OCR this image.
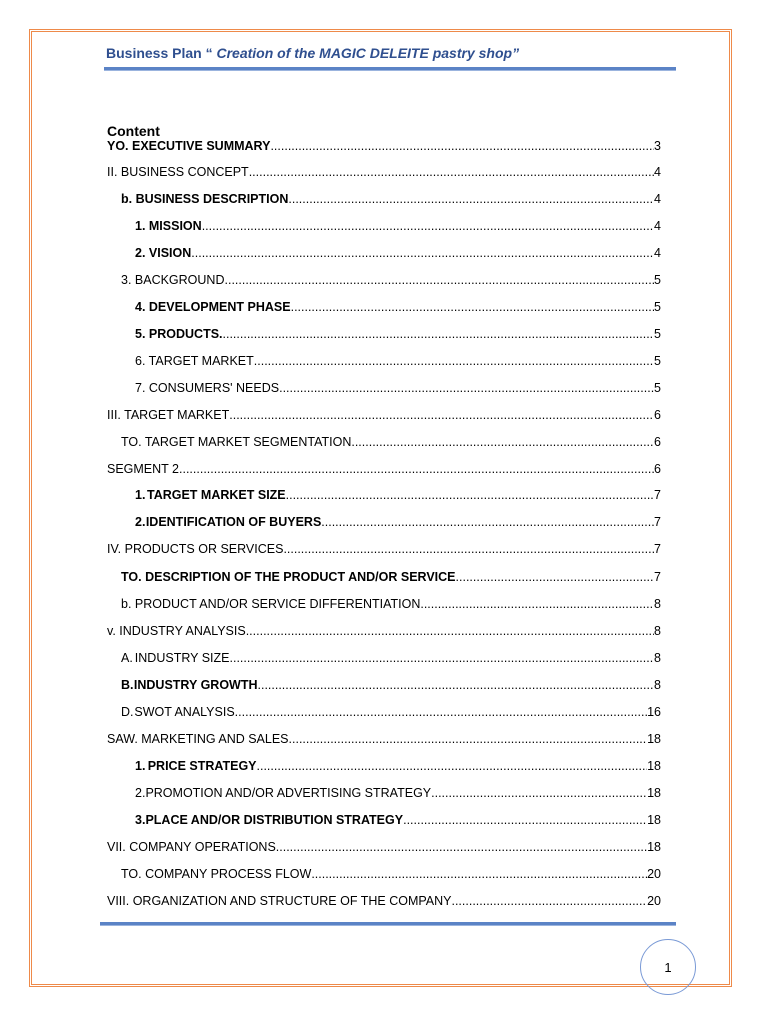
Business Plan “ Creation of the MAGIC DELEITE pastry shop”
Content
YO. EXECUTIVE SUMMARY .....	3
II. BUSINESS CONCEPT .....	4
b. BUSINESS DESCRIPTION .....	4
1. MISSION .....	4
2. VISION .....	4
3. BACKGROUND .....	5
4. DEVELOPMENT PHASE .....	5
5. PRODUCTS. .....	5
6. TARGET MARKET .....	5
7. CONSUMERS' NEEDS .....	5
III. TARGET MARKET .....	6
TO. TARGET MARKET SEGMENTATION .....	6
SEGMENT 2 .....	6
1. TARGET MARKET SIZE .....	7
2. IDENTIFICATION OF BUYERS .....	7
IV. PRODUCTS OR SERVICES .....	7
TO. DESCRIPTION OF THE PRODUCT AND/OR SERVICE .....	7
b. PRODUCT AND/OR SERVICE DIFFERENTIATION .....	8
v. INDUSTRY ANALYSIS .....	8
A. INDUSTRY SIZE .....	8
B. INDUSTRY GROWTH .....	8
D. SWOT ANALYSIS .....	16
SAW. MARKETING AND SALES .....	18
1. PRICE STRATEGY .....	18
2. PROMOTION AND/OR ADVERTISING STRATEGY .....	18
3. PLACE AND/OR DISTRIBUTION STRATEGY .....	18
VII. COMPANY OPERATIONS .....	18
TO. COMPANY PROCESS FLOW .....	20
VIII. ORGANIZATION AND STRUCTURE OF THE COMPANY .....	20
1
